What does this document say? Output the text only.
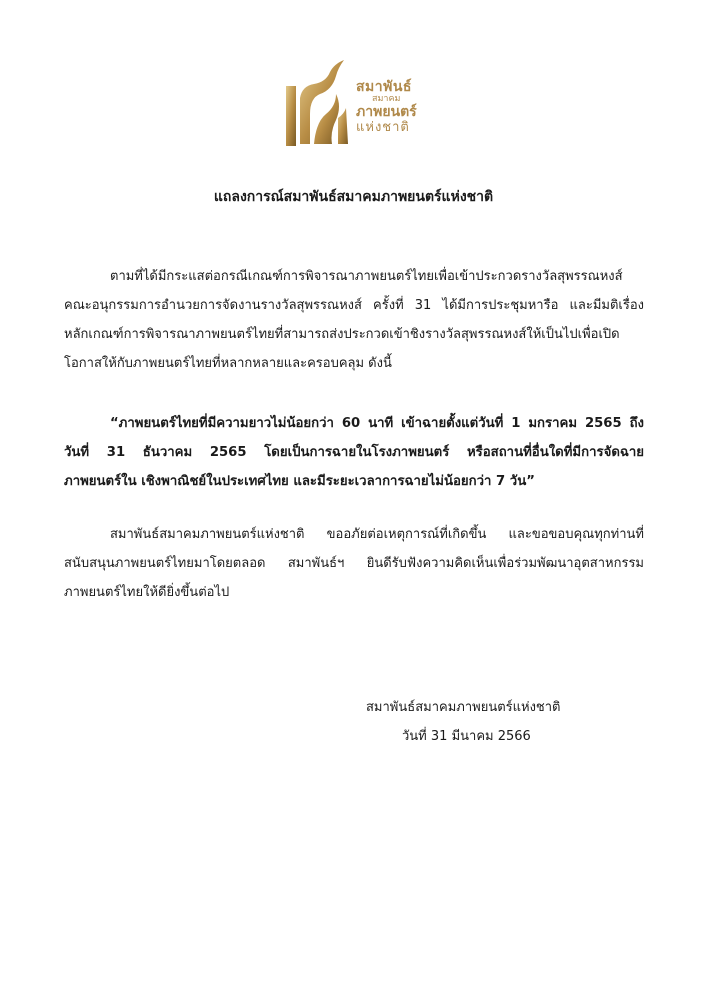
สมาพันธ์
สมาคม
ภาพยนตร์
แห่งชาติ
แถลงการณ์สมาพันธ์สมาคมภาพยนตร์แห่งชาติ
ตามที่ได้มีกระแสต่อกรณีเกณฑ์การพิจารณาภาพยนตร์ไทยเพื่อเข้าประกวดรางวัลสุพรรณหงส์
คณะอนุกรรมการอำนวยการจัดงานรางวัลสุพรรณหงส์ ครั้งที่ 31 ได้มีการประชุมหารือ และมีมติเรื่อง
หลักเกณฑ์การพิจารณาภาพยนตร์ไทยที่สามารถส่งประกวดเข้าชิงรางวัลสุพรรณหงส์ให้เป็นไปเพื่อเปิด
โอกาสให้กับภาพยนตร์ไทยที่หลากหลายและครอบคลุม ดังนี้
“ภาพยนตร์ไทยที่มีความยาวไม่น้อยกว่า 60 นาที เข้าฉายตั้งแต่วันที่ 1 มกราคม 2565 ถึง
วันที่ 31 ธันวาคม 2565 โดยเป็นการฉายในโรงภาพยนตร์ หรือสถานที่อื่นใดที่มีการจัดฉาย
ภาพยนตร์ใน เชิงพาณิชย์ในประเทศไทย และมีระยะเวลาการฉายไม่น้อยกว่า 7 วัน”
สมาพันธ์สมาคมภาพยนตร์แห่งชาติ ขออภัยต่อเหตุการณ์ที่เกิดขึ้น และขอขอบคุณทุกท่านที่
สนับสนุนภาพยนตร์ไทยมาโดยตลอด สมาพันธ์ฯ ยินดีรับฟังความคิดเห็นเพื่อร่วมพัฒนาอุตสาหกรรม
ภาพยนตร์ไทยให้ดียิ่งขึ้นต่อไป
สมาพันธ์สมาคมภาพยนตร์แห่งชาติ
วันที่ 31 มีนาคม 2566
